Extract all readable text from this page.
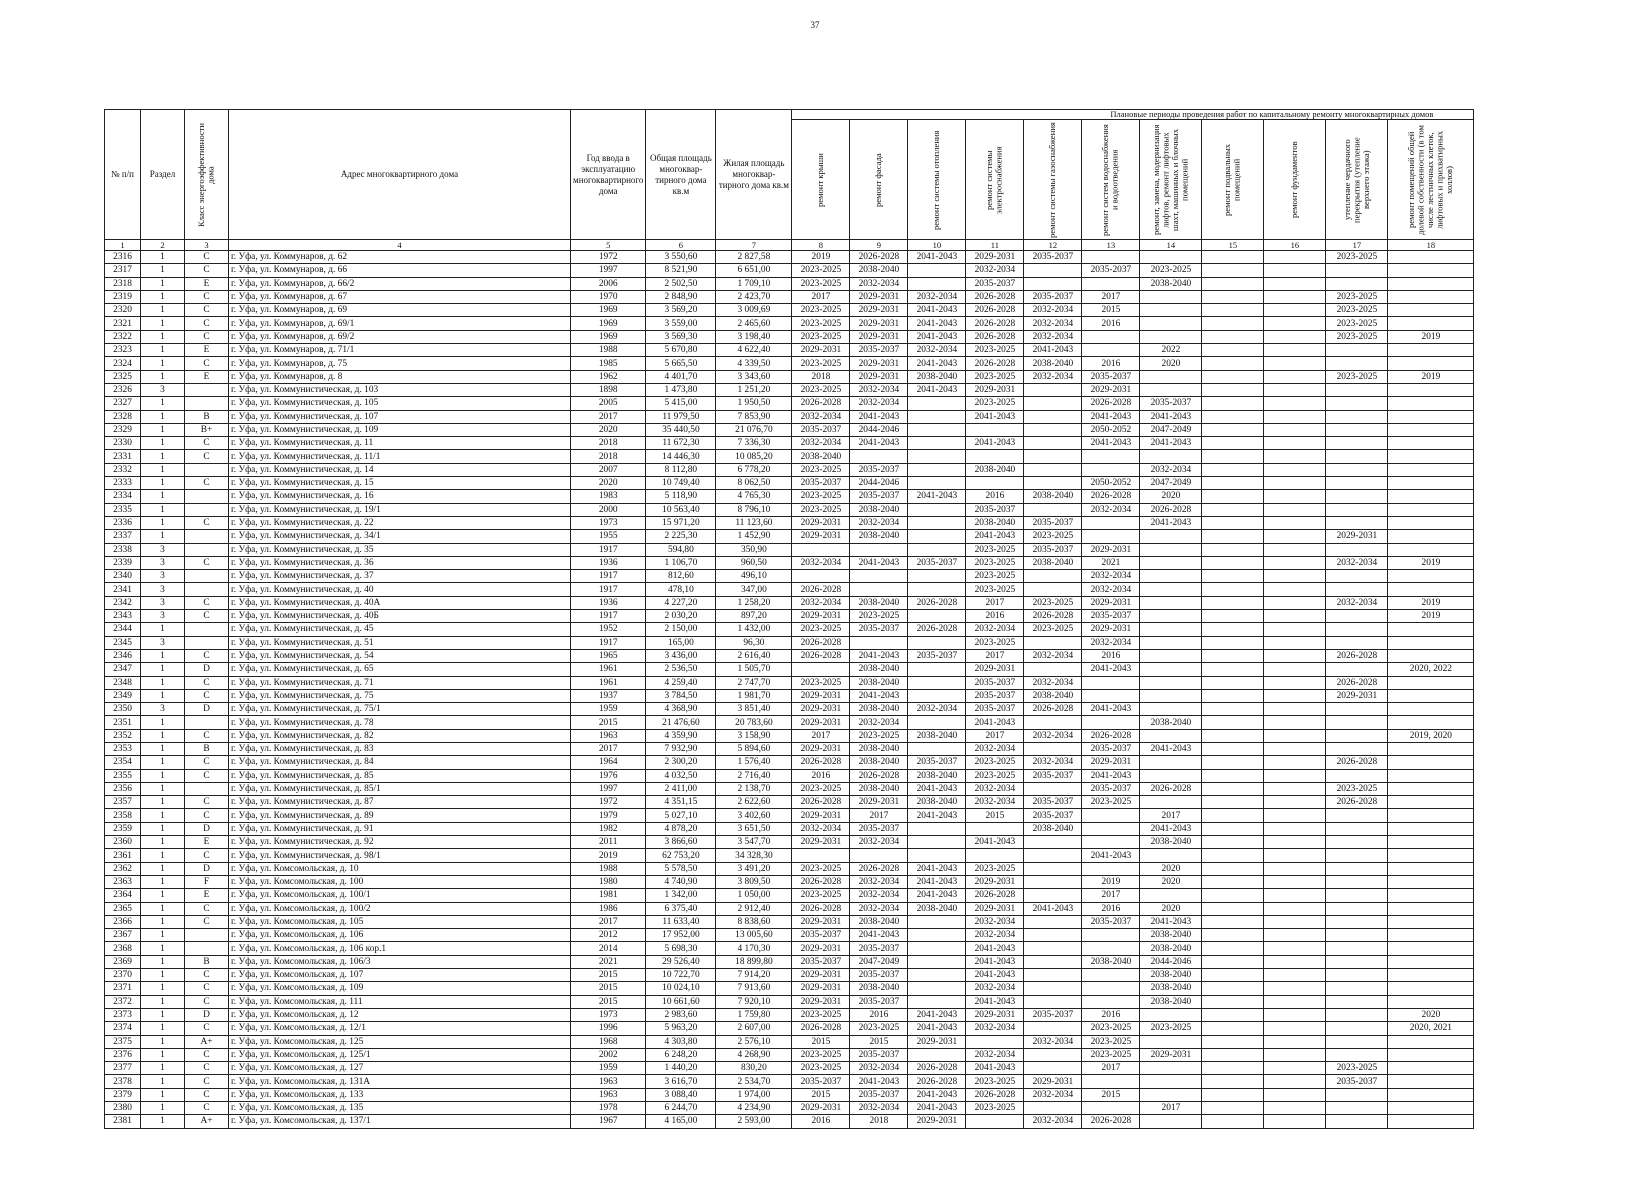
37
№ п/п	Раздел	Класс энергоэффективности дома	Адрес многоквартирного дома	Год ввода в эксплуатацию многоквартирного дома	Общая площадь многоквар-тирного дома кв.м	Жилая площадь многоквар-тирного дома кв.м	Плановые периоды проведения работ по капитальному ремонту многоквартирных домов										

ремонт крыши	ремонт фасада	ремонт системы отопления	ремонт системы электроснабжения	ремонт системы газоснабжения	ремонт систем водоснабжения и водоотведения	ремонт, замена, модернизация лифтов, ремонт лифтовых шахт, машинных и блочных помещений	ремонт подвальных помещений	ремонт фундаментов	утепление чердачного перекрытия (утепление верхнего этажа)	ремонт помещений общей долевой собственности (в том числе лестничных клеток, лифтовых и прихватирных холлов)

1	2	3	4	5	6	7	8	9	10	11	12	13	14	15	16	17	18
2316	1	C	г. Уфа, ул. Коммунаров, д. 62	1972	3 550,60	2 827,58	2019	2026-2028	2041-2043	2029-2031	2035-2037					2023-2025	
2317	1	C	г. Уфа, ул. Коммунаров, д. 66	1997	8 521,90	6 651,00	2023-2025	2038-2040		2032-2034		2035-2037	2023-2025				
2318	1	E	г. Уфа, ул. Коммунаров, д. 66/2	2006	2 502,50	1 709,10	2023-2025	2032-2034		2035-2037			2038-2040				
2319	1	C	г. Уфа, ул. Коммунаров, д. 67	1970	2 848,90	2 423,70	2017	2029-2031	2032-2034	2026-2028	2035-2037	2017				2023-2025	
2320	1	C	г. Уфа, ул. Коммунаров, д. 69	1969	3 569,20	3 009,69	2023-2025	2029-2031	2041-2043	2026-2028	2032-2034	2015				2023-2025	
2321	1	C	г. Уфа, ул. Коммунаров, д. 69/1	1969	3 559,00	2 465,60	2023-2025	2029-2031	2041-2043	2026-2028	2032-2034	2016				2023-2025	
2322	1	C	г. Уфа, ул. Коммунаров, д. 69/2	1969	3 569,30	3 198,40	2023-2025	2029-2031	2041-2043	2026-2028	2032-2034					2023-2025	2019
2323	1	E	г. Уфа, ул. Коммунаров, д. 71/1	1988	5 670,80	4 622,40	2029-2031	2035-2037	2032-2034	2023-2025	2041-2043		2022				
2324	1	C	г. Уфа, ул. Коммунаров, д. 75	1985	5 665,50	4 339,50	2023-2025	2029-2031	2041-2043	2026-2028	2038-2040	2016	2020				
2325	1	E	г. Уфа, ул. Коммунаров, д. 8	1962	4 401,70	3 343,60	2018	2029-2031	2038-2040	2023-2025	2032-2034	2035-2037				2023-2025	2019
2326	3		г. Уфа, ул. Коммунистическая, д. 103	1898	1 473,80	1 251,20	2023-2025	2032-2034	2041-2043	2029-2031		2029-2031					
2327	1		г. Уфа, ул. Коммунистическая, д. 105	2005	5 415,00	1 950,50	2026-2028	2032-2034		2023-2025		2026-2028	2035-2037				
2328	1	B	г. Уфа, ул. Коммунистическая, д. 107	2017	11 979,50	7 853,90	2032-2034	2041-2043		2041-2043		2041-2043	2041-2043				
2329	1	B+	г. Уфа, ул. Коммунистическая, д. 109	2020	35 440,50	21 076,70	2035-2037	2044-2046				2050-2052	2047-2049				
2330	1	C	г. Уфа, ул. Коммунистическая, д. 11	2018	11 672,30	7 336,30	2032-2034	2041-2043		2041-2043		2041-2043	2041-2043				
2331	1	C	г. Уфа, ул. Коммунистическая, д. 11/1	2018	14 446,30	10 085,20	2038-2040										
2332	1		г. Уфа, ул. Коммунистическая, д. 14	2007	8 112,80	6 778,20	2023-2025	2035-2037		2038-2040			2032-2034				
2333	1	C	г. Уфа, ул. Коммунистическая, д. 15	2020	10 749,40	8 062,50	2035-2037	2044-2046				2050-2052	2047-2049				
2334	1		г. Уфа, ул. Коммунистическая, д. 16	1983	5 118,90	4 765,30	2023-2025	2035-2037	2041-2043	2016	2038-2040	2026-2028	2020				
2335	1		г. Уфа, ул. Коммунистическая, д. 19/1	2000	10 563,40	8 796,10	2023-2025	2038-2040		2035-2037		2032-2034	2026-2028				
2336	1	C	г. Уфа, ул. Коммунистическая, д. 22	1973	15 971,20	11 123,60	2029-2031	2032-2034		2038-2040	2035-2037		2041-2043				
2337	1		г. Уфа, ул. Коммунистическая, д. 34/1	1955	2 225,30	1 452,90	2029-2031	2038-2040		2041-2043	2023-2025					2029-2031	
2338	3		г. Уфа, ул. Коммунистическая, д. 35	1917	594,80	350,90				2023-2025	2035-2037	2029-2031					
2339	3	C	г. Уфа, ул. Коммунистическая, д. 36	1936	1 106,70	960,50	2032-2034	2041-2043	2035-2037	2023-2025	2038-2040	2021				2032-2034	2019
2340	3		г. Уфа, ул. Коммунистическая, д. 37	1917	812,60	496,10				2023-2025		2032-2034					
2341	3		г. Уфа, ул. Коммунистическая, д. 40	1917	478,10	347,00	2026-2028			2023-2025		2032-2034					
2342	3	C	г. Уфа, ул. Коммунистическая, д. 40А	1936	4 227,20	1 258,20	2032-2034	2038-2040	2026-2028	2017	2023-2025	2029-2031				2032-2034	2019
2343	3	C	г. Уфа, ул. Коммунистическая, д. 40Б	1917	2 030,20	897,20	2029-2031	2023-2025		2016	2026-2028	2035-2037					2019
2344	1		г. Уфа, ул. Коммунистическая, д. 45	1952	2 150,00	1 432,00	2023-2025	2035-2037	2026-2028	2032-2034	2023-2025	2029-2031					
2345	3		г. Уфа, ул. Коммунистическая, д. 51	1917	165,00	96,30	2026-2028			2023-2025		2032-2034					
2346	1	C	г. Уфа, ул. Коммунистическая, д. 54	1965	3 436,00	2 616,40	2026-2028	2041-2043	2035-2037	2017	2032-2034	2016				2026-2028	
2347	1	D	г. Уфа, ул. Коммунистическая, д. 65	1961	2 536,50	1 505,70		2038-2040		2029-2031		2041-2043					2020, 2022
2348	1	C	г. Уфа, ул. Коммунистическая, д. 71	1961	4 259,40	2 747,70	2023-2025	2038-2040		2035-2037	2032-2034					2026-2028	
2349	1	C	г. Уфа, ул. Коммунистическая, д. 75	1937	3 784,50	1 981,70	2029-2031	2041-2043		2035-2037	2038-2040					2029-2031	
2350	3	D	г. Уфа, ул. Коммунистическая, д. 75/1	1959	4 368,90	3 851,40	2029-2031	2038-2040	2032-2034	2035-2037	2026-2028	2041-2043					
2351	1		г. Уфа, ул. Коммунистическая, д. 78	2015	21 476,60	20 783,60	2029-2031	2032-2034		2041-2043			2038-2040				
2352	1	C	г. Уфа, ул. Коммунистическая, д. 82	1963	4 359,90	3 158,90	2017	2023-2025	2038-2040	2017	2032-2034	2026-2028					2019, 2020
2353	1	B	г. Уфа, ул. Коммунистическая, д. 83	2017	7 932,90	5 894,60	2029-2031	2038-2040		2032-2034		2035-2037	2041-2043				
2354	1	C	г. Уфа, ул. Коммунистическая, д. 84	1964	2 300,20	1 576,40	2026-2028	2038-2040	2035-2037	2023-2025	2032-2034	2029-2031				2026-2028	
2355	1	C	г. Уфа, ул. Коммунистическая, д. 85	1976	4 032,50	2 716,40	2016	2026-2028	2038-2040	2023-2025	2035-2037	2041-2043					
2356	1		г. Уфа, ул. Коммунистическая, д. 85/1	1997	2 411,00	2 138,70	2023-2025	2038-2040	2041-2043	2032-2034		2035-2037	2026-2028			2023-2025	
2357	1	C	г. Уфа, ул. Коммунистическая, д. 87	1972	4 351,15	2 622,60	2026-2028	2029-2031	2038-2040	2032-2034	2035-2037	2023-2025				2026-2028	
2358	1	C	г. Уфа, ул. Коммунистическая, д. 89	1979	5 027,10	3 402,60	2029-2031	2017	2041-2043	2015	2035-2037		2017				
2359	1	D	г. Уфа, ул. Коммунистическая, д. 91	1982	4 878,20	3 651,50	2032-2034	2035-2037			2038-2040		2041-2043				
2360	1	E	г. Уфа, ул. Коммунистическая, д. 92	2011	3 866,60	3 547,70	2029-2031	2032-2034		2041-2043			2038-2040				
2361	1	C	г. Уфа, ул. Коммунистическая, д. 98/1	2019	62 753,20	34 328,30						2041-2043					
2362	1	D	г. Уфа, ул. Комсомольская, д. 10	1988	5 578,50	3 491,20	2023-2025	2026-2028	2041-2043	2023-2025			2020				
2363	1	F	г. Уфа, ул. Комсомольская, д. 100	1980	4 740,90	3 809,50	2026-2028	2032-2034	2041-2043	2029-2031		2019	2020				
2364	1	E	г. Уфа, ул. Комсомольская, д. 100/1	1981	1 342,00	1 050,00	2023-2025	2032-2034	2041-2043	2026-2028		2017					
2365	1	C	г. Уфа, ул. Комсомольская, д. 100/2	1986	6 375,40	2 912,40	2026-2028	2032-2034	2038-2040	2029-2031	2041-2043	2016	2020				
2366	1	C	г. Уфа, ул. Комсомольская, д. 105	2017	11 633,40	8 838,60	2029-2031	2038-2040		2032-2034		2035-2037	2041-2043				
2367	1		г. Уфа, ул. Комсомольская, д. 106	2012	17 952,00	13 005,60	2035-2037	2041-2043		2032-2034			2038-2040				
2368	1		г. Уфа, ул. Комсомольская, д. 106 кор.1	2014	5 698,30	4 170,30	2029-2031	2035-2037		2041-2043			2038-2040				
2369	1	B	г. Уфа, ул. Комсомольская, д. 106/3	2021	29 526,40	18 899,80	2035-2037	2047-2049		2041-2043		2038-2040	2044-2046				
2370	1	C	г. Уфа, ул. Комсомольская, д. 107	2015	10 722,70	7 914,20	2029-2031	2035-2037		2041-2043			2038-2040				
2371	1	C	г. Уфа, ул. Комсомольская, д. 109	2015	10 024,10	7 913,60	2029-2031	2038-2040		2032-2034			2038-2040				
2372	1	C	г. Уфа, ул. Комсомольская, д. 111	2015	10 661,60	7 920,10	2029-2031	2035-2037		2041-2043			2038-2040				
2373	1	D	г. Уфа, ул. Комсомольская, д. 12	1973	2 983,60	1 759,80	2023-2025	2016	2041-2043	2029-2031	2035-2037	2016					2020
2374	1	C	г. Уфа, ул. Комсомольская, д. 12/1	1996	5 963,20	2 607,00	2026-2028	2023-2025	2041-2043	2032-2034		2023-2025	2023-2025				2020, 2021
2375	1	A+	г. Уфа, ул. Комсомольская, д. 125	1968	4 303,80	2 576,10	2015	2015	2029-2031		2032-2034	2023-2025					
2376	1	C	г. Уфа, ул. Комсомольская, д. 125/1	2002	6 248,20	4 268,90	2023-2025	2035-2037		2032-2034		2023-2025	2029-2031				
2377	1	C	г. Уфа, ул. Комсомольская, д. 127	1959	1 440,20	830,20	2023-2025	2032-2034	2026-2028	2041-2043		2017				2023-2025	
2378	1	C	г. Уфа, ул. Комсомольская, д. 131А	1963	3 616,70	2 534,70	2035-2037	2041-2043	2026-2028	2023-2025	2029-2031					2035-2037	
2379	1	C	г. Уфа, ул. Комсомольская, д. 133	1963	3 088,40	1 974,00	2015	2035-2037	2041-2043	2026-2028	2032-2034	2015					
2380	1	C	г. Уфа, ул. Комсомольская, д. 135	1978	6 244,70	4 234,90	2029-2031	2032-2034	2041-2043	2023-2025			2017				
2381	1	A+	г. Уфа, ул. Комсомольская, д. 137/1	1967	4 165,00	2 593,00	2016	2018	2029-2031		2032-2034	2026-2028					
